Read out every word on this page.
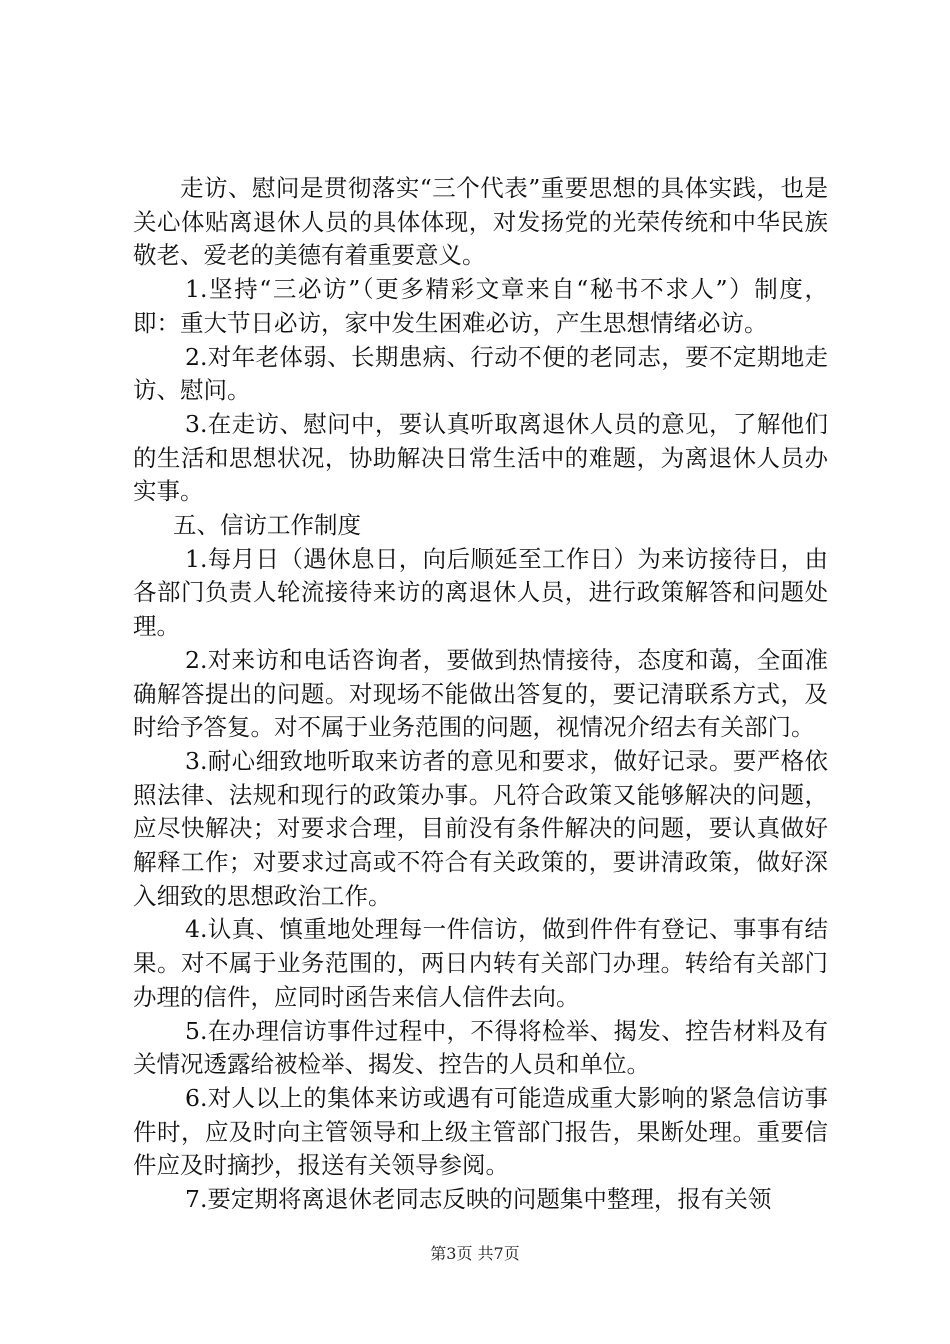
走访、慰问是贯彻落实“三个代表”重要思想的具体实践，也是关心体贴离退休人员的具体体现，对发扬党的光荣传统和中华民族敬老、爱老的美德有着重要意义。

1.坚持“三必访”（更多精彩文章来自“秘书不求人”）制度，即：重大节日必访，家中发生困难必访，产生思想情绪必访。

2.对年老体弱、长期患病、行动不便的老同志，要不定期地走访、慰问。

3.在走访、慰问中，要认真听取离退休人员的意见，了解他们的生活和思想状况，协助解决日常生活中的难题，为离退休人员办实事。

五、信访工作制度

1.每月日（遇休息日，向后顺延至工作日）为来访接待日，由各部门负责人轮流接待来访的离退休人员，进行政策解答和问题处理。

2.对来访和电话咨询者，要做到热情接待，态度和蔼，全面准确解答提出的问题。对现场不能做出答复的，要记清联系方式，及时给予答复。对不属于业务范围的问题，视情况介绍去有关部门。

3.耐心细致地听取来访者的意见和要求，做好记录。要严格依照法律、法规和现行的政策办事。凡符合政策又能够解决的问题，应尽快解决；对要求合理，目前没有条件解决的问题，要认真做好解释工作；对要求过高或不符合有关政策的，要讲清政策，做好深入细致的思想政治工作。

4.认真、慎重地处理每一件信访，做到件件有登记、事事有结果。对不属于业务范围的，两日内转有关部门办理。转给有关部门办理的信件，应同时函告来信人信件去向。

5.在办理信访事件过程中，不得将检举、揭发、控告材料及有关情况透露给被检举、揭发、控告的人员和单位。

6.对人以上的集体来访或遇有可能造成重大影响的紧急信访事件时，应及时向主管领导和上级主管部门报告，果断处理。重要信件应及时摘抄，报送有关领导参阅。

7.要定期将离退休老同志反映的问题集中整理，报有关领

第3页 共7页
